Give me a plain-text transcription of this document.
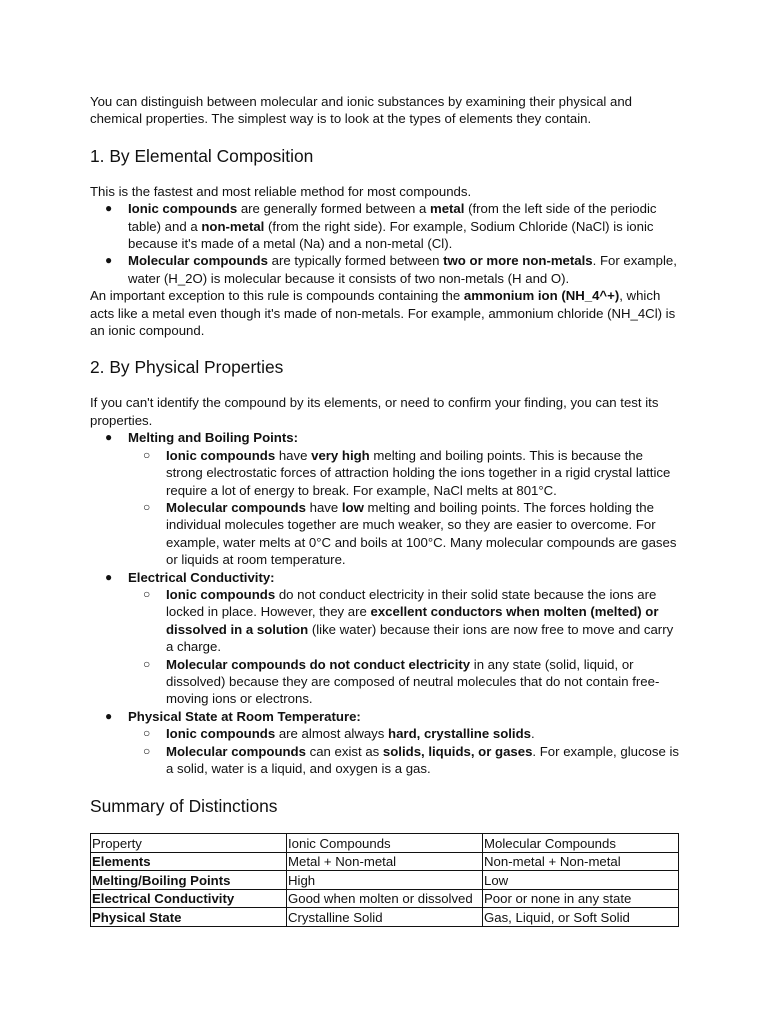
You can distinguish between molecular and ionic substances by examining their physical and chemical properties. The simplest way is to look at the types of elements they contain.

1. By Elemental Composition

This is the fastest and most reliable method for most compounds.

● Ionic compounds are generally formed between a metal (from the left side of the periodic table) and a non-metal (from the right side). For example, Sodium Chloride (NaCl) is ionic because it's made of a metal (Na) and a non-metal (Cl).
● Molecular compounds are typically formed between two or more non-metals. For example, water (H_2O) is molecular because it consists of two non-metals (H and O).

An important exception to this rule is compounds containing the ammonium ion (NH_4^+), which acts like a metal even though it's made of non-metals. For example, ammonium chloride (NH_4Cl) is an ionic compound.

2. By Physical Properties

If you can't identify the compound by its elements, or need to confirm your finding, you can test its properties.

● Melting and Boiling Points:
○ Ionic compounds have very high melting and boiling points. This is because the strong electrostatic forces of attraction holding the ions together in a rigid crystal lattice require a lot of energy to break. For example, NaCl melts at 801°C.
○ Molecular compounds have low melting and boiling points. The forces holding the individual molecules together are much weaker, so they are easier to overcome. For example, water melts at 0°C and boils at 100°C. Many molecular compounds are gases or liquids at room temperature.
● Electrical Conductivity:
○ Ionic compounds do not conduct electricity in their solid state because the ions are locked in place. However, they are excellent conductors when molten (melted) or dissolved in a solution (like water) because their ions are now free to move and carry a charge.
○ Molecular compounds do not conduct electricity in any state (solid, liquid, or dissolved) because they are composed of neutral molecules that do not contain free-moving ions or electrons.
● Physical State at Room Temperature:
○ Ionic compounds are almost always hard, crystalline solids.
○ Molecular compounds can exist as solids, liquids, or gases. For example, glucose is a solid, water is a liquid, and oxygen is a gas.
Summary of Distinctions
Property	Ionic Compounds	Molecular Compounds
Elements	Metal + Non-metal	Non-metal + Non-metal
Melting/Boiling Points	High	Low
Electrical Conductivity	Good when molten or dissolved	Poor or none in any state
Physical State	Crystalline Solid	Gas, Liquid, or Soft Solid
